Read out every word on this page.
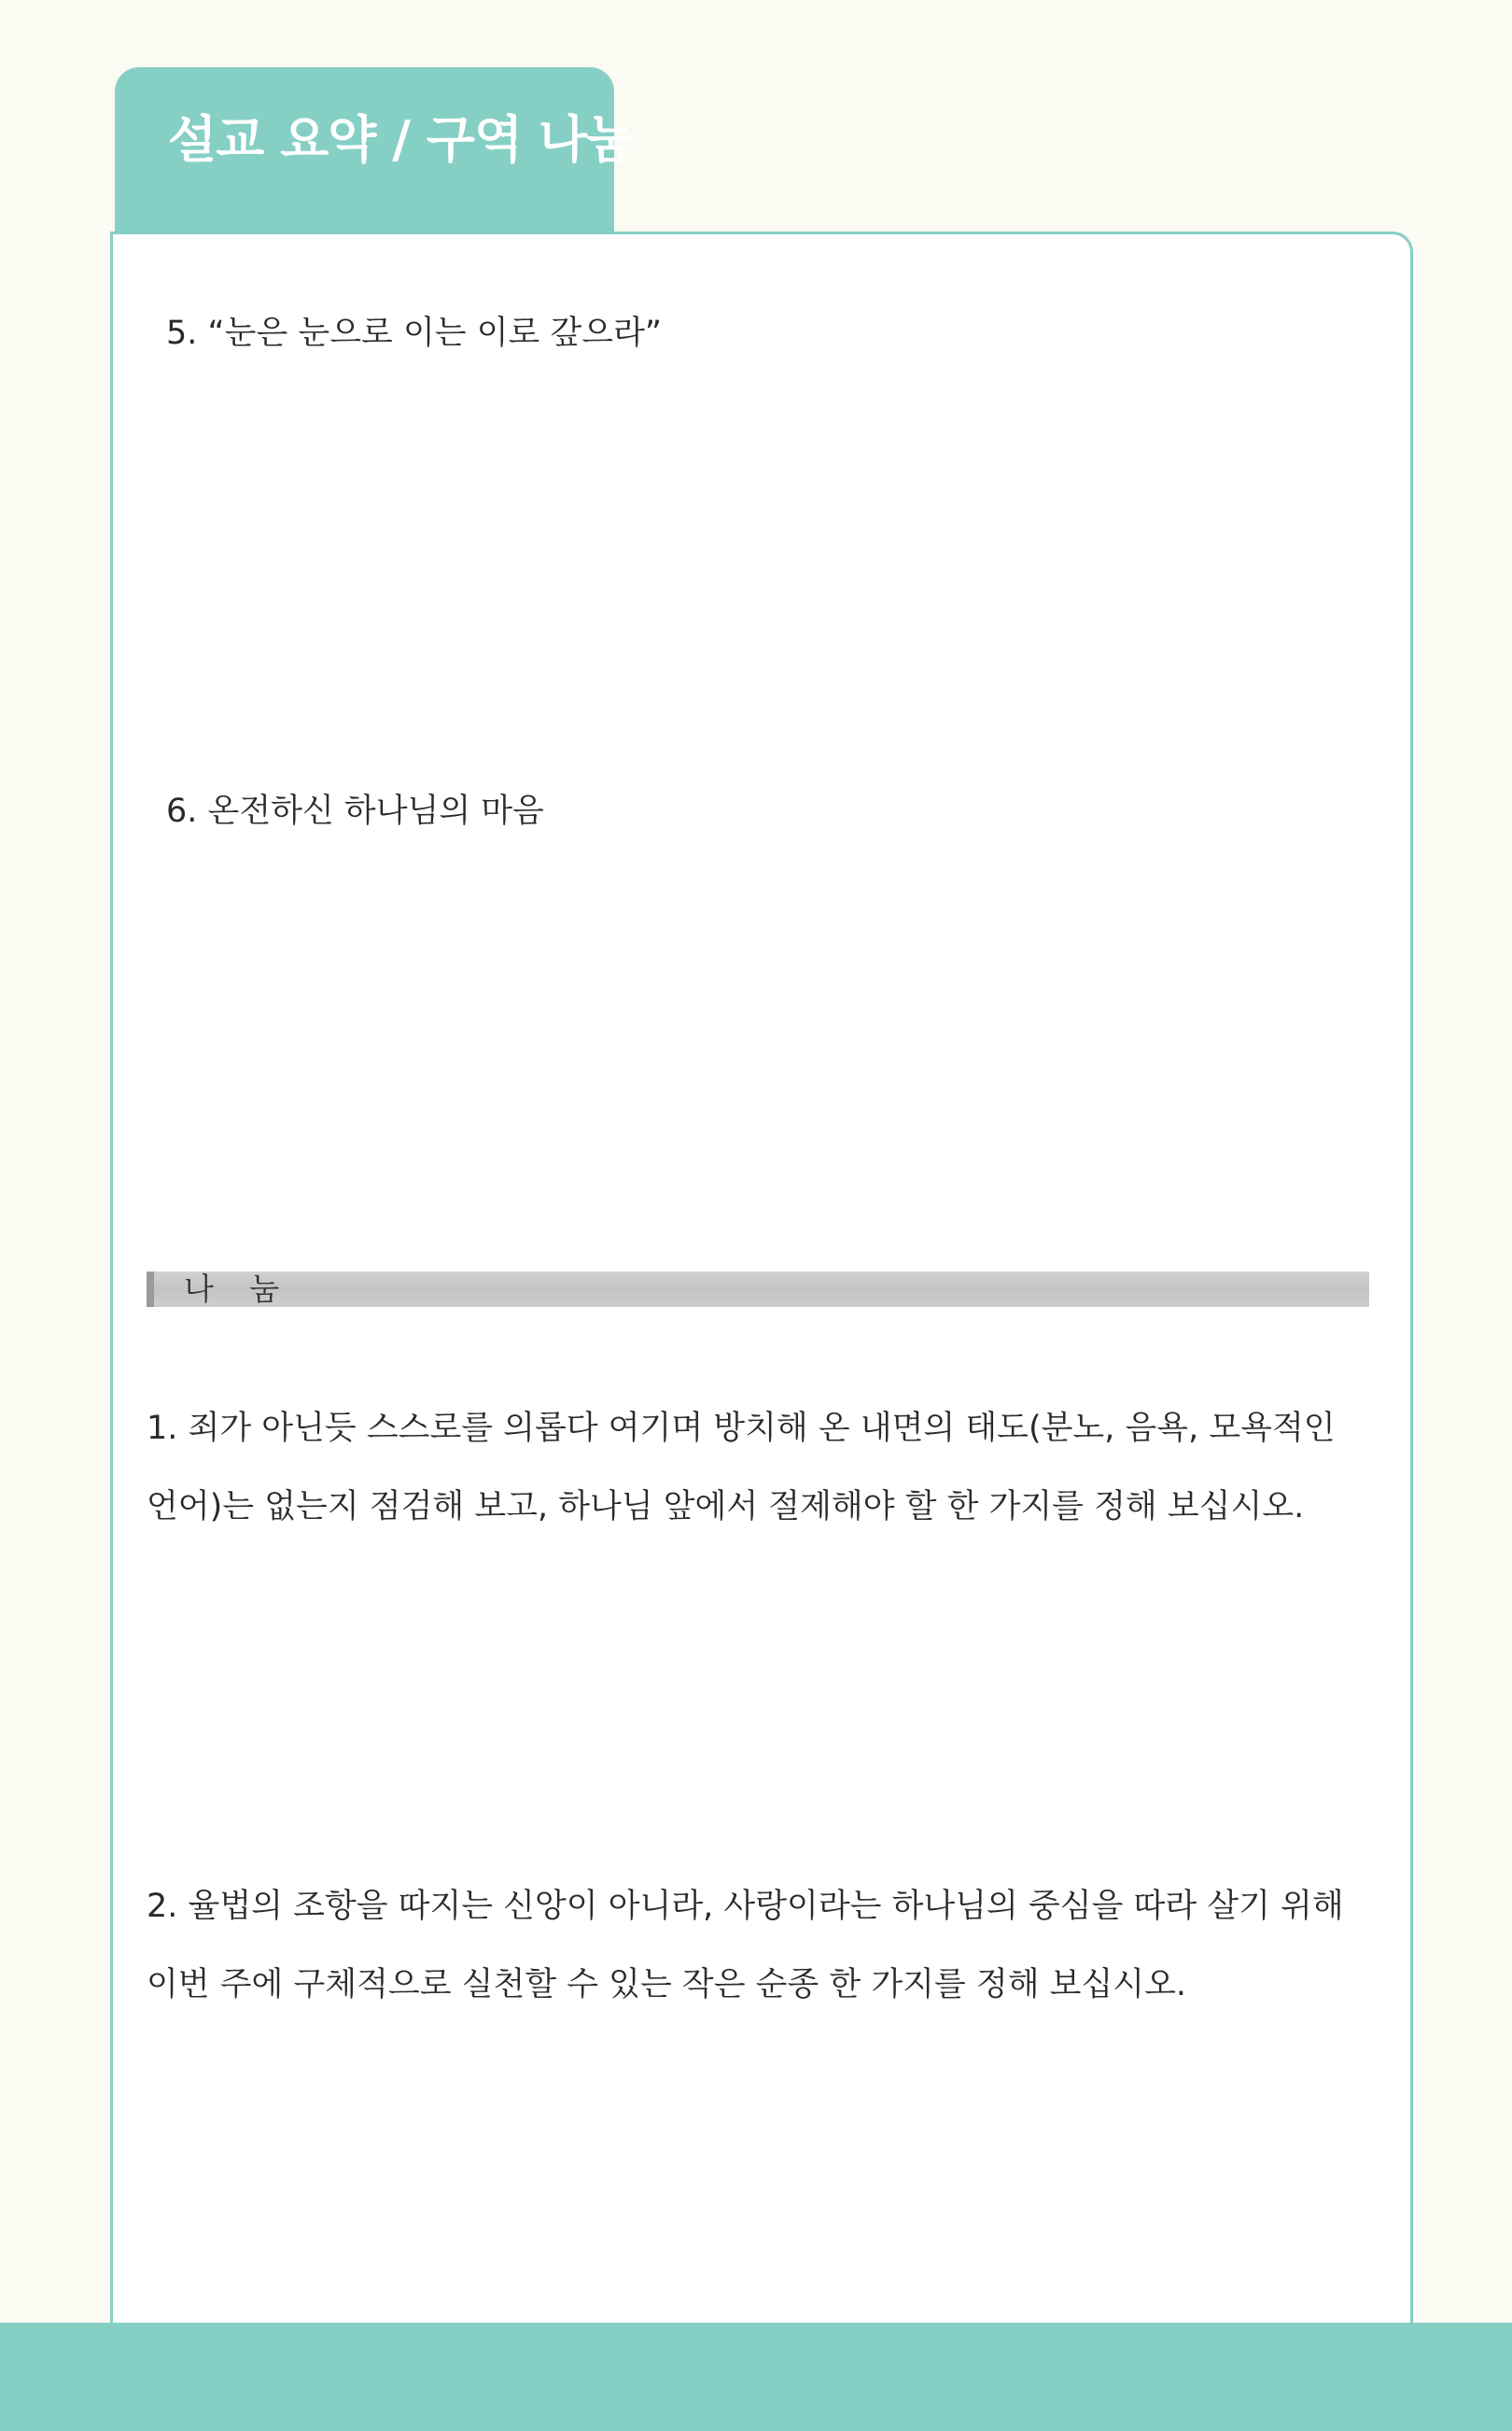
설교 요약 / 구역 나눔
5. “눈은 눈으로 이는 이로 갚으라”
6. 온전하신 하나님의 마음
나 눔
1. 죄가 아닌듯 스스로를 의롭다 여기며 방치해 온 내면의 태도(분노, 음욕, 모욕적인 언어)는 없는지 점검해 보고, 하나님 앞에서 절제해야 할 한 가지를 정해 보십시오.
2. 율법의 조항을 따지는 신앙이 아니라, 사랑이라는 하나님의 중심을 따라 살기 위해 이번 주에 구체적으로 실천할 수 있는 작은 순종 한 가지를 정해 보십시오.
